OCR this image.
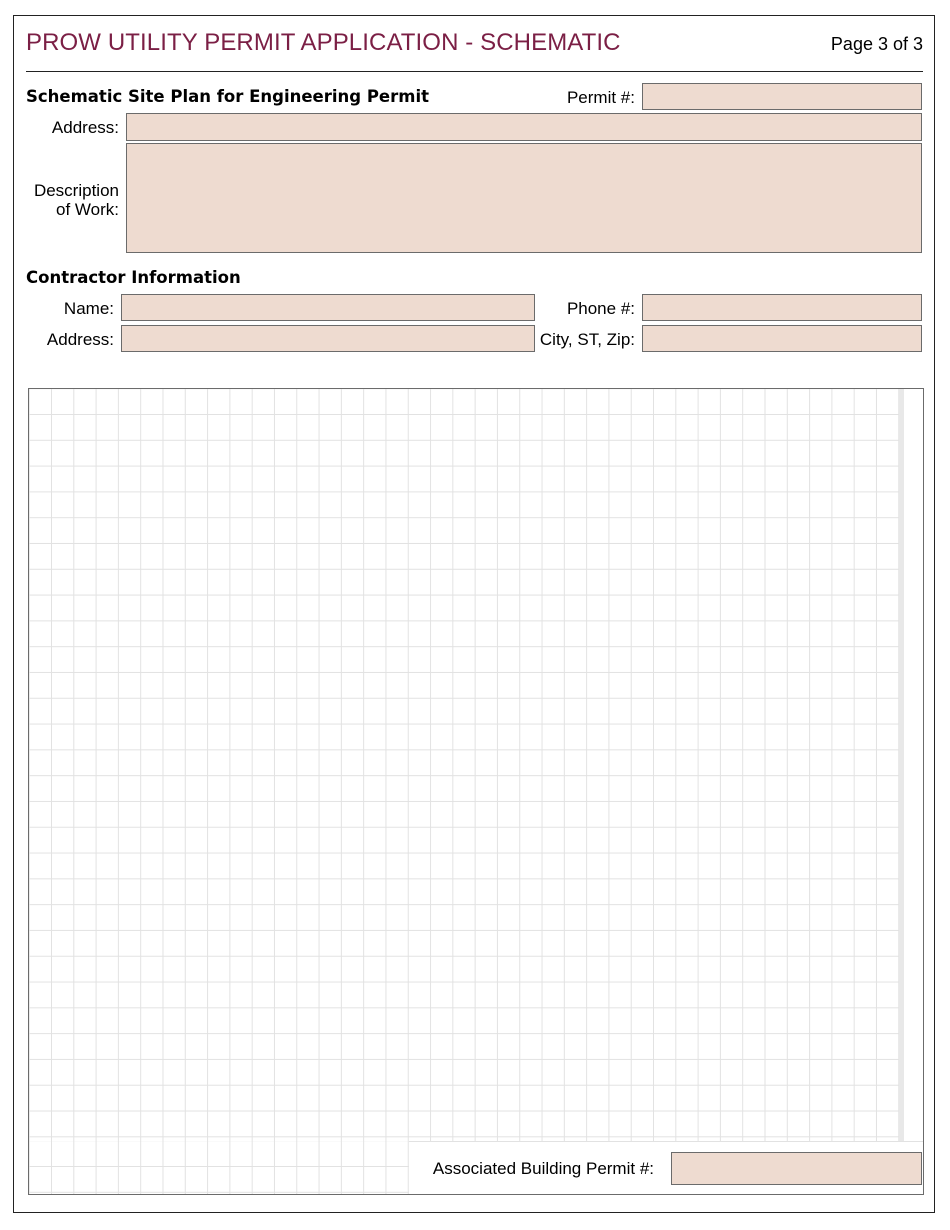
PROW UTILITY PERMIT APPLICATION - SCHEMATIC	Page 3 of 3
Schematic Site Plan for Engineering Permit	Permit #:
Address:
Description
of Work:
Contractor Information
Name:	Phone #:
Address:	City, ST, Zip:
Associated Building Permit #:
